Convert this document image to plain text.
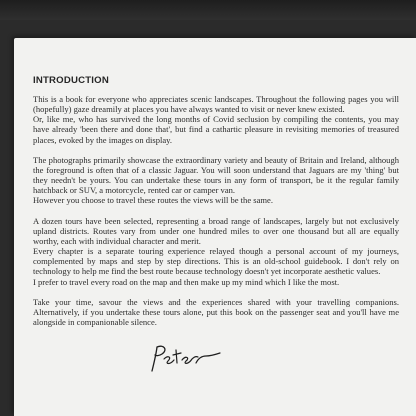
INTRODUCTION

This is a book for everyone who appreciates scenic landscapes. Throughout the following pages you will (hopefully) gaze dreamily at places you have always wanted to visit or never knew existed.
Or, like me, who has survived the long months of Covid seclusion by compiling the contents, you may have already 'been there and done that', but find a cathartic pleasure in revisiting memories of treasured places, evoked by the images on display.

The photographs primarily showcase the extraordinary variety and beauty of Britain and Ireland, although the foreground is often that of a classic Jaguar. You will soon understand that Jaguars are my 'thing' but they needn't be yours. You can undertake these tours in any form of transport, be it the regular family hatchback or SUV, a motorcycle, rented car or camper van.
However you choose to travel these routes the views will be the same.

A dozen tours have been selected, representing a broad range of landscapes, largely but not exclusively upland districts. Routes vary from under one hundred miles to over one thousand but all are equally worthy, each with individual character and merit.
Every chapter is a separate touring experience relayed though a personal account of my journeys, complemented by maps and step by step directions. This is an old-school guidebook. I don't rely on technology to help me find the best route because technology doesn't yet incorporate aesthetic values.
I prefer to travel every road on the map and then make up my mind which I like the most.

Take your time, savour the views and the experiences shared with your travelling companions. Alternatively, if you undertake these tours alone, put this book on the passenger seat and you'll have me alongside in companionable silence.
